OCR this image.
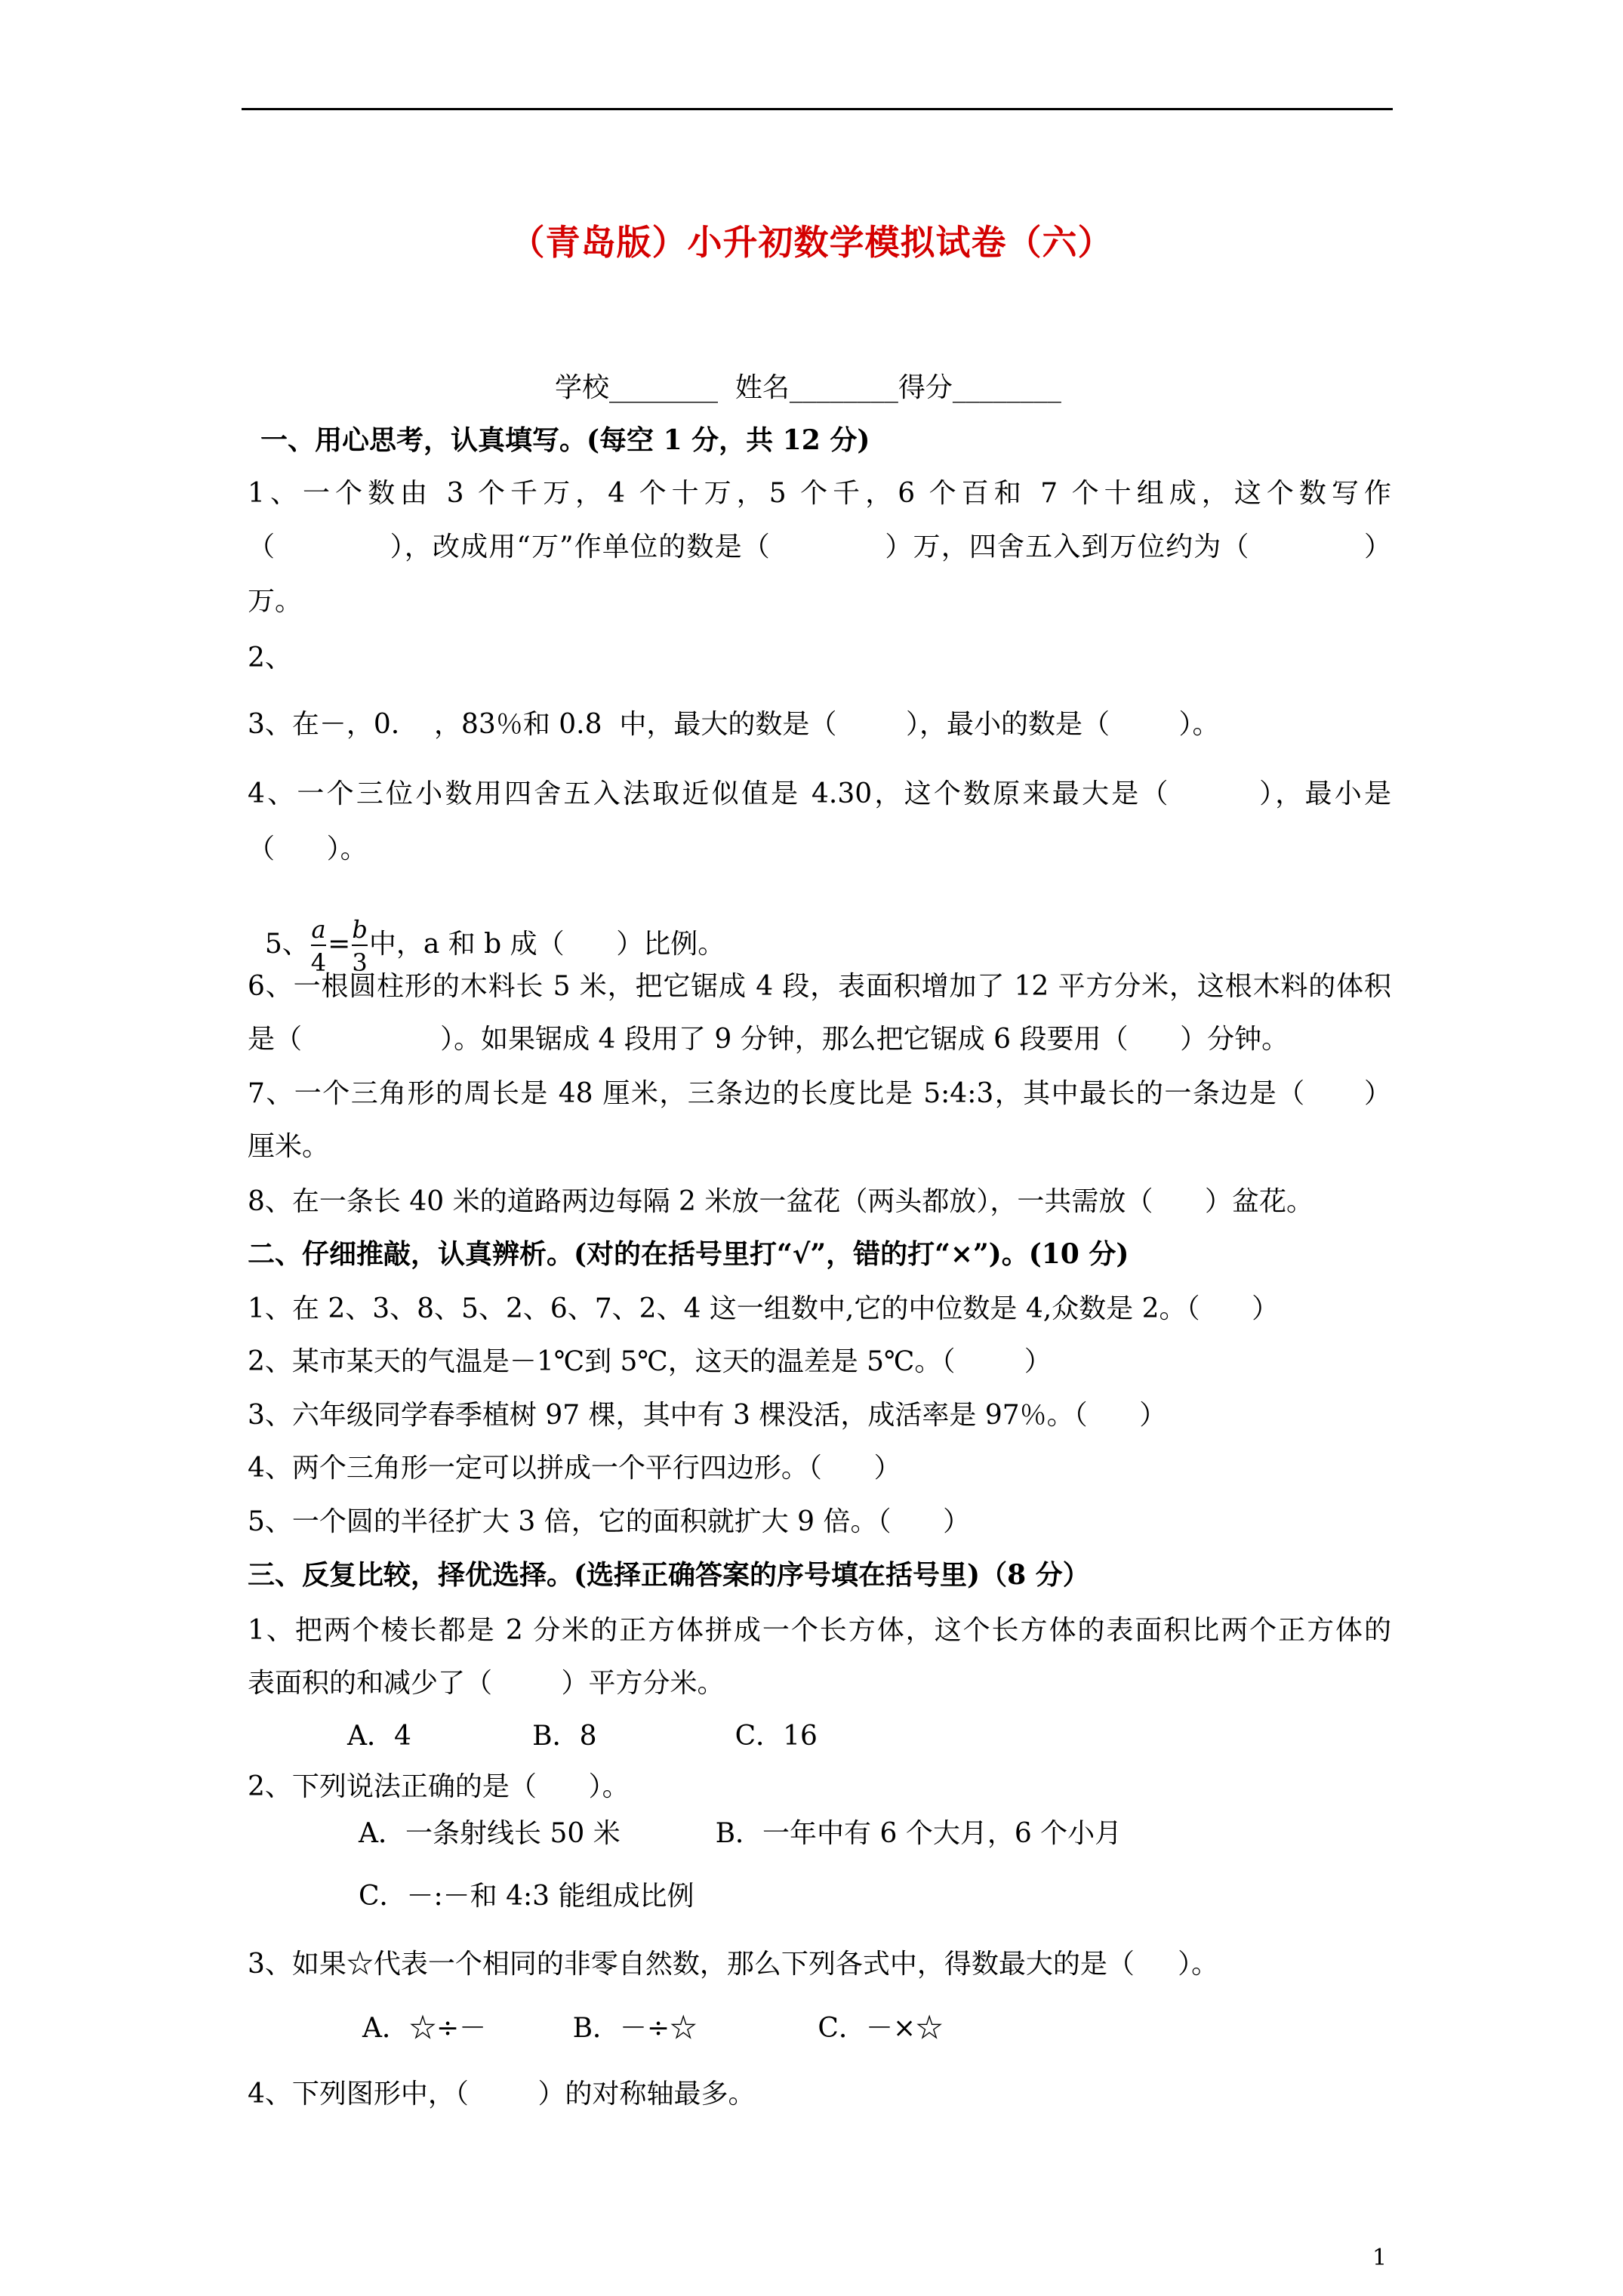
（青岛版）小升初数学模拟试卷（六）
学校________  姓名________得分________
一、用心思考，认真填写。(每空 1 分，共 12 分)
1、一个数由 3 个千万，4 个十万，5 个千，6 个百和 7 个十组成，这个数写作
（            ），改成用“万”作单位的数是（            ）万，四舍五入到万位约为（            ）
万。
2、
3、在－，0.    ，83％和 0.8  中，最大的数是（        ），最小的数是（        ）。
4、一个三位小数用四舍五入法取近似值是 4.30，这个数原来最大是（        ），最小是
（      ）。

5、 $\frac{a}{4} = \frac{b}{3}$ 中，a 和 b 成（      ）比例。

6、一根圆柱形的木料长 5 米，把它锯成 4 段，表面积增加了 12 平方分米，这根木料的体积
是（                ）。如果锯成 4 段用了 9 分钟，那么把它锯成 6 段要用（      ）分钟。
7、一个三角形的周长是 48 厘米，三条边的长度比是 5:4:3，其中最长的一条边是（      ）
厘米。
8、在一条长 40 米的道路两边每隔 2 米放一盆花（两头都放），一共需放（      ）盆花。
二、仔细推敲，认真辨析。(对的在括号里打“√”，错的打“×”)。(10 分)
1、在 2、3、8、5、2、6、7、2、4 这一组数中,它的中位数是 4,众数是 2。（      ）
2、某市某天的气温是－1℃到 5℃，这天的温差是 5℃。（        ）
3、六年级同学春季植树 97 棵，其中有 3 棵没活，成活率是 97％。（      ）
4、两个三角形一定可以拼成一个平行四边形。（      ）
5、一个圆的半径扩大 3 倍，它的面积就扩大 9 倍。（      ）
三、反复比较，择优选择。(选择正确答案的序号填在括号里)（8 分）
1、把两个棱长都是 2 分米的正方体拼成一个长方体，这个长方体的表面积比两个正方体的
表面积的和减少了（        ）平方分米。
A．4              B．8                C．16
2、下列说法正确的是（      ）。
A．一条射线长 50 米           B．一年中有 6 个大月，6 个小月
C．－:－和 4:3 能组成比例
3、如果☆代表一个相同的非零自然数，那么下列各式中，得数最大的是（     ）。
A．☆÷－          B．－÷☆              C．－×☆
4、下列图形中，（        ）的对称轴最多。
1
